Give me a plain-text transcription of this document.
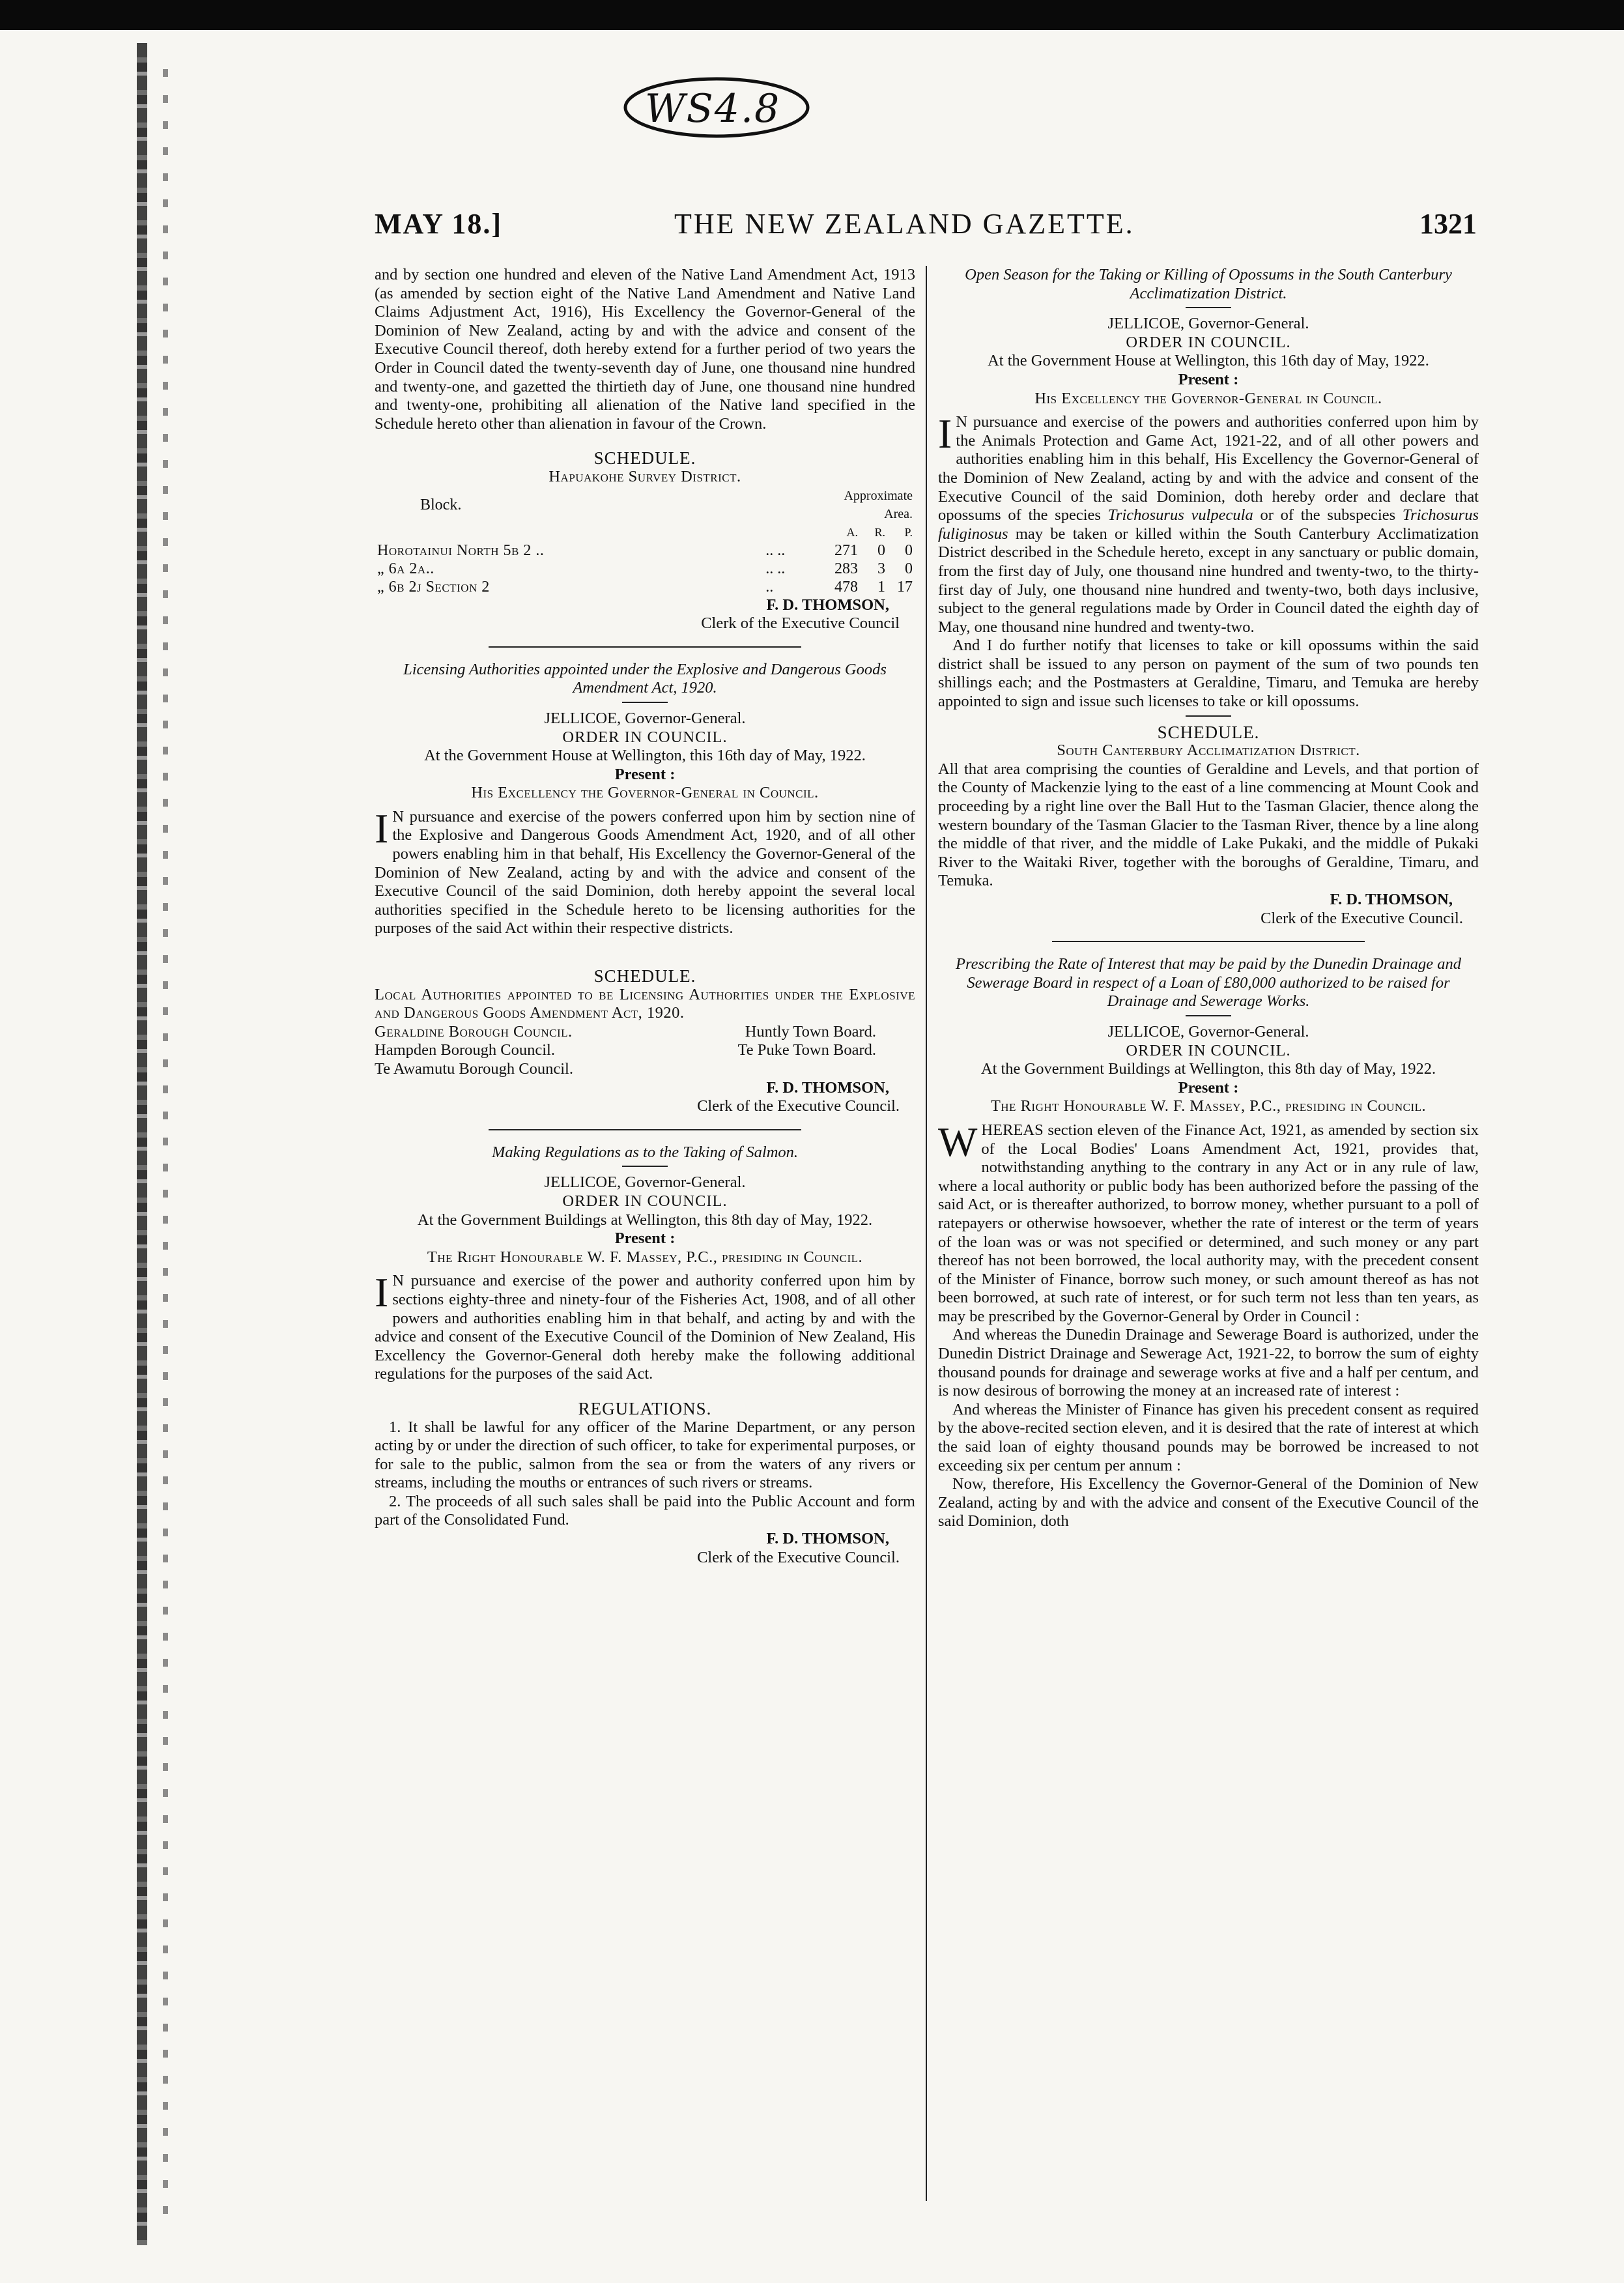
WS4.8
MAY 18.]	THE NEW ZEALAND GAZETTE.	1321

and by section one hundred and eleven of the Native Land Amendment Act, 1913 (as amended by section eight of the Native Land Amendment and Native Land Claims Adjustment Act, 1916), His Excellency the Governor-General of the Dominion of New Zealand, acting by and with the advice and consent of the Executive Council thereof, doth hereby extend for a further period of two years the Order in Council dated the twenty-seventh day of June, one thousand nine hundred and twenty-one, and gazetted the thirtieth day of June, one thousand nine hundred and twenty-one, prohibiting all alienation of the Native land specified in the Schedule hereto other than alienation in favour of the Crown.

SCHEDULE.
Hapuakohe Survey District.
Block.		Approximate Area.		
		A.	R.	P.
Horotainui North 5b 2 ..	.. ..	271	0	0
„ 6a 2a..	.. ..	283	3	0
„ 6b 2j Section 2	..	478	1	17
F. D. THOMSON,
Clerk of the Executive Council

Licensing Authorities appointed under the Explosive and Dangerous Goods Amendment Act, 1920.

JELLICOE, Governor-General.
ORDER IN COUNCIL.

At the Government House at Wellington, this 16th day of May, 1922.

Present :
His Excellency the Governor-General in Council.

I N pursuance and exercise of the powers conferred upon him by section nine of the Explosive and Dangerous Goods Amendment Act, 1920, and of all other powers enabling him in that behalf, His Excellency the Governor-General of the Dominion of New Zealand, acting by and with the advice and consent of the Executive Council of the said Dominion, doth hereby appoint the several local authorities specified in the Schedule hereto to be licensing authorities for the purposes of the said Act within their respective districts.

SCHEDULE.

Local Authorities appointed to be Licensing Authorities under the Explosive and Dangerous Goods Amendment Act, 1920.

Geraldine Borough Council.	Huntly Town Board.
Hampden Borough Council.	Te Puke Town Board.
Te Awamutu Borough Council.
F. D. THOMSON,
Clerk of the Executive Council.

Making Regulations as to the Taking of Salmon.

JELLICOE, Governor-General.
ORDER IN COUNCIL.

At the Government Buildings at Wellington, this 8th day of May, 1922.

Present :
The Right Honourable W. F. Massey, P.C., presiding in Council.

I N pursuance and exercise of the power and authority conferred upon him by sections eighty-three and ninety-four of the Fisheries Act, 1908, and of all other powers and authorities enabling him in that behalf, and acting by and with the advice and consent of the Executive Council of the Dominion of New Zealand, His Excellency the Governor-General doth hereby make the following additional regulations for the purposes of the said Act.

REGULATIONS.

1. It shall be lawful for any officer of the Marine Department, or any person acting by or under the direction of such officer, to take for experimental purposes, or for sale to the public, salmon from the sea or from the waters of any rivers or streams, including the mouths or entrances of such rivers or streams.

2. The proceeds of all such sales shall be paid into the Public Account and form part of the Consolidated Fund.

F. D. THOMSON,
Clerk of the Executive Council.

Open Season for the Taking or Killing of Opossums in the South Canterbury Acclimatization District.

JELLICOE, Governor-General.
ORDER IN COUNCIL.

At the Government House at Wellington, this 16th day of May, 1922.

Present :
His Excellency the Governor-General in Council.

I N pursuance and exercise of the powers and authorities conferred upon him by the Animals Protection and Game Act, 1921-22, and of all other powers and authorities enabling him in this behalf, His Excellency the Governor-General of the Dominion of New Zealand, acting by and with the advice and consent of the Executive Council of the said Dominion, doth hereby order and declare that opossums of the species Trichosurus vulpecula or of the subspecies Trichosurus fuliginosus may be taken or killed within the South Canterbury Acclimatization District described in the Schedule hereto, except in any sanctuary or public domain, from the first day of July, one thousand nine hundred and twenty-two, to the thirty-first day of July, one thousand nine hundred and twenty-two, both days inclusive, subject to the general regulations made by Order in Council dated the eighth day of May, one thousand nine hundred and twenty-two.

And I do further notify that licenses to take or kill opossums within the said district shall be issued to any person on payment of the sum of two pounds ten shillings each; and the Postmasters at Geraldine, Timaru, and Temuka are hereby appointed to sign and issue such licenses to take or kill opossums.

SCHEDULE.
South Canterbury Acclimatization District.

All that area comprising the counties of Geraldine and Levels, and that portion of the County of Mackenzie lying to the east of a line commencing at Mount Cook and proceeding by a right line over the Ball Hut to the Tasman Glacier, thence along the western boundary of the Tasman Glacier to the Tasman River, thence by a line along the middle of that river, and the middle of Lake Pukaki, and the middle of Pukaki River to the Waitaki River, together with the boroughs of Geraldine, Timaru, and Temuka.

F. D. THOMSON,
Clerk of the Executive Council.

Prescribing the Rate of Interest that may be paid by the Dunedin Drainage and Sewerage Board in respect of a Loan of £80,000 authorized to be raised for Drainage and Sewerage Works.

JELLICOE, Governor-General.
ORDER IN COUNCIL.

At the Government Buildings at Wellington, this 8th day of May, 1922.

Present :
The Right Honourable W. F. Massey, P.C., presiding in Council.

WHEREAS section eleven of the Finance Act, 1921, as amended by section six of the Local Bodies' Loans Amendment Act, 1921, provides that, notwithstanding anything to the contrary in any Act or in any rule of law, where a local authority or public body has been authorized before the passing of the said Act, or is thereafter authorized, to borrow money, whether pursuant to a poll of ratepayers or otherwise howsoever, whether the rate of interest or the term of years of the loan was or was not specified or determined, and such money or any part thereof has not been borrowed, the local authority may, with the precedent consent of the Minister of Finance, borrow such money, or such amount thereof as has not been borrowed, at such rate of interest, or for such term not less than ten years, as may be prescribed by the Governor-General by Order in Council :

And whereas the Dunedin Drainage and Sewerage Board is authorized, under the Dunedin District Drainage and Sewerage Act, 1921-22, to borrow the sum of eighty thousand pounds for drainage and sewerage works at five and a half per centum, and is now desirous of borrowing the money at an increased rate of interest :

And whereas the Minister of Finance has given his precedent consent as required by the above-recited section eleven, and it is desired that the rate of interest at which the said loan of eighty thousand pounds may be borrowed be increased to not exceeding six per centum per annum :

Now, therefore, His Excellency the Governor-General of the Dominion of New Zealand, acting by and with the advice and consent of the Executive Council of the said Dominion, doth
